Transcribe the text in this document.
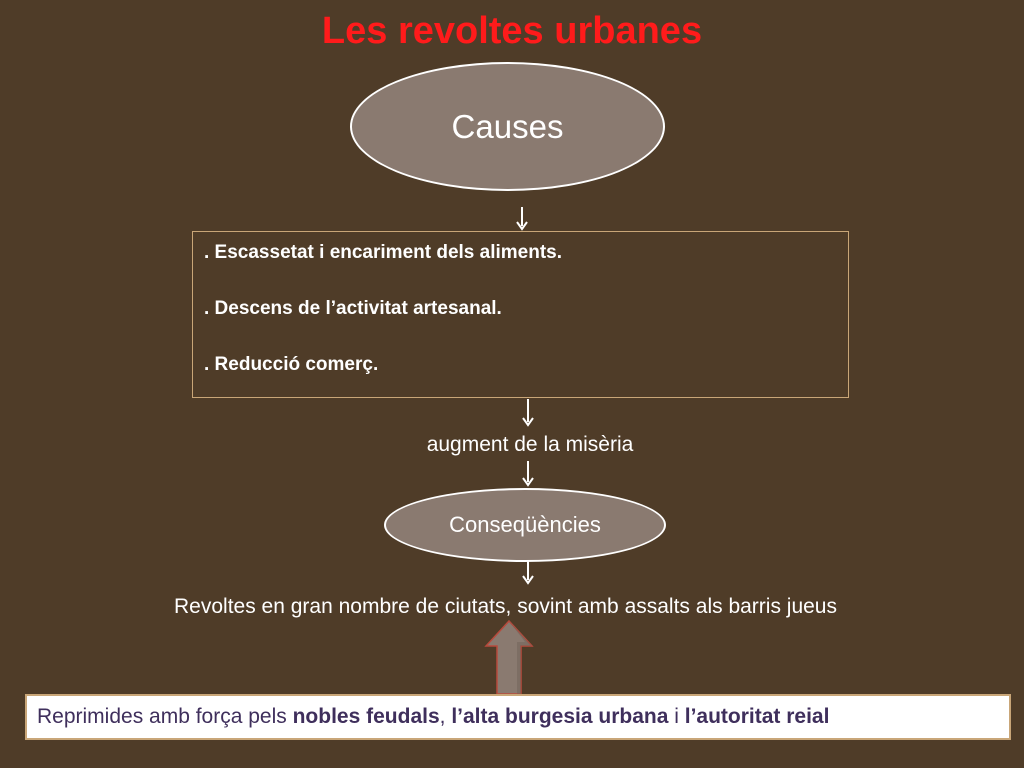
Les revoltes urbanes
Causes
. Escassetat i encariment dels aliments.
. Descens de l’activitat artesanal.
. Reducció comerç.
augment de la misèria
Conseqüències
Revoltes en gran nombre de ciutats, sovint amb assalts als barris jueus
Reprimides amb força pels nobles feudals , l’alta burgesia urbana i l’autoritat reial
